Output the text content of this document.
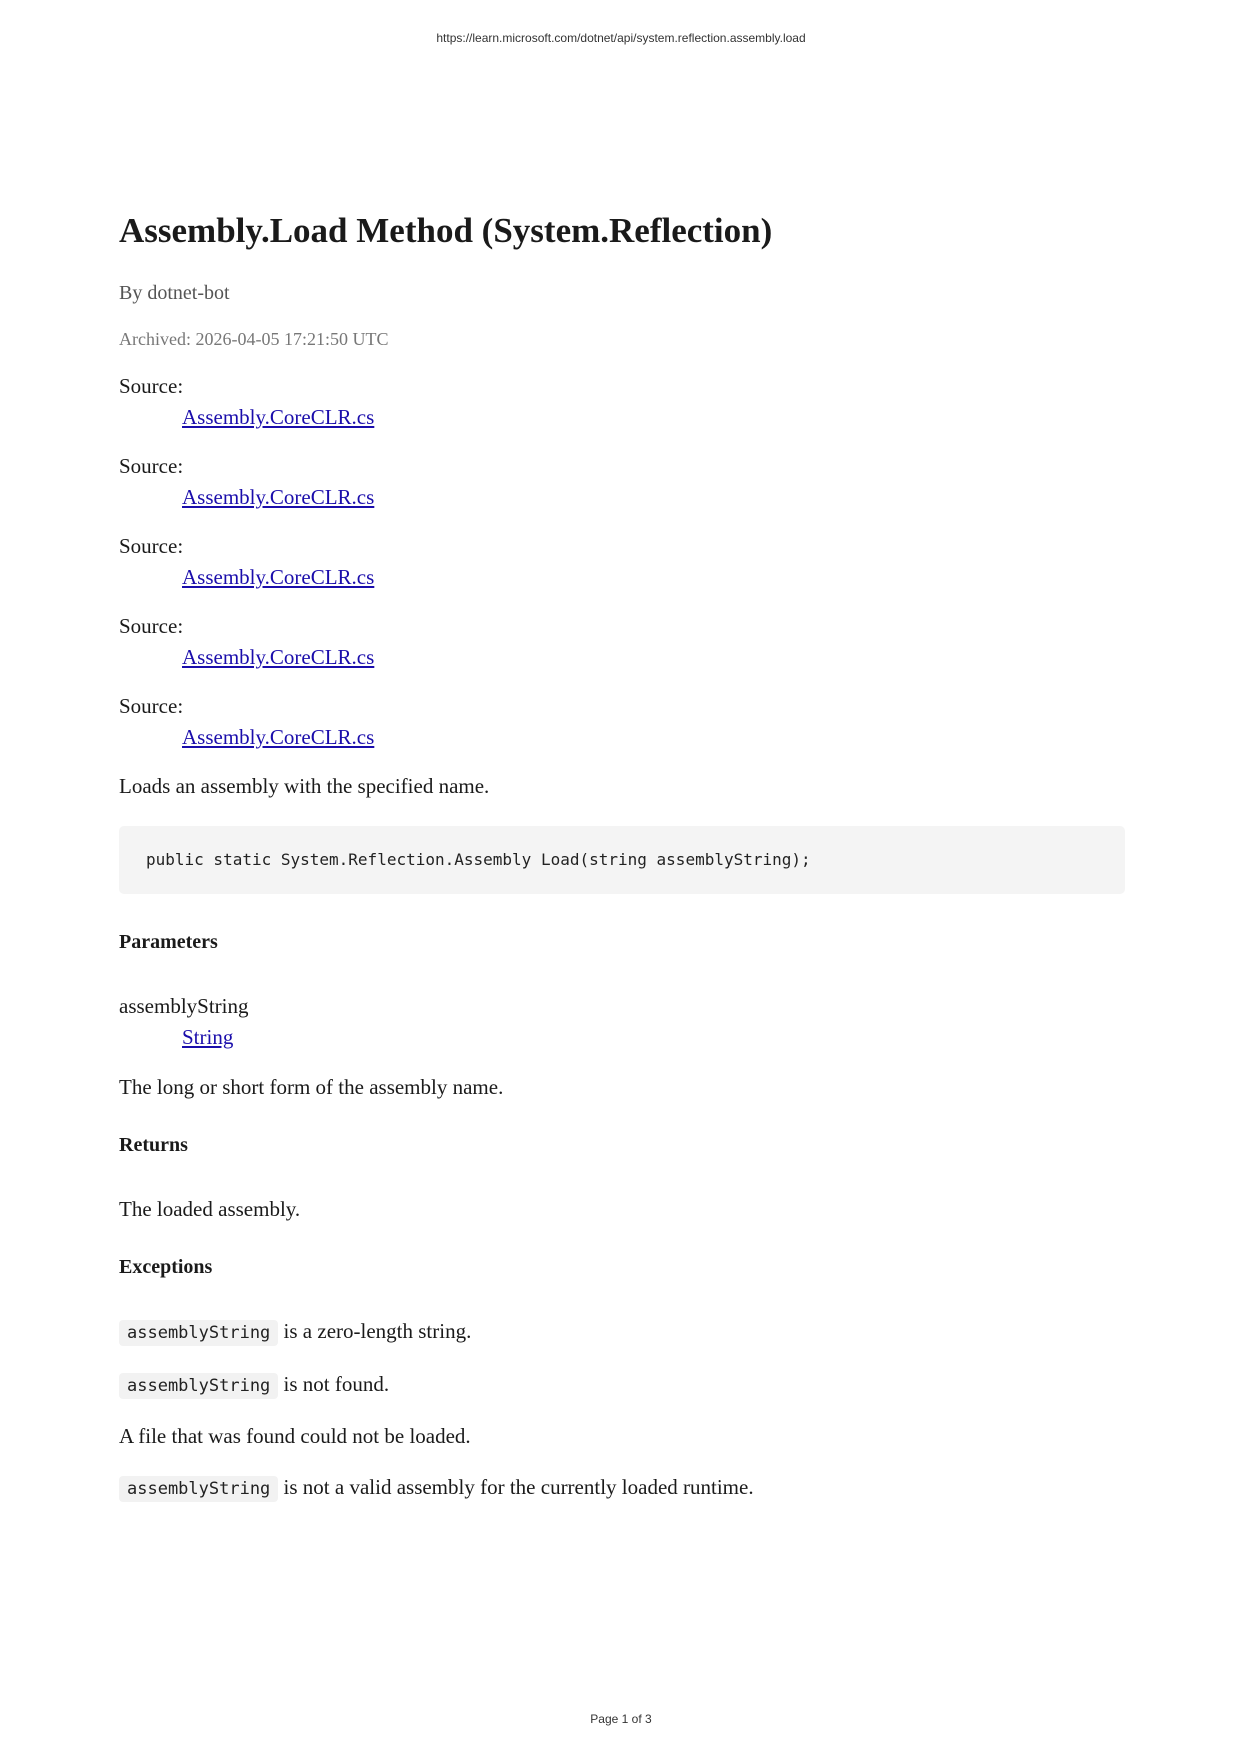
https://learn.microsoft.com/dotnet/api/system.reflection.assembly.load
Assembly.Load Method (System.Reflection)
By dotnet-bot
Archived: 2026-04-05 17:21:50 UTC
Source:
Assembly.CoreCLR.cs
Source:
Assembly.CoreCLR.cs
Source:
Assembly.CoreCLR.cs
Source:
Assembly.CoreCLR.cs
Source:
Assembly.CoreCLR.cs
Loads an assembly with the specified name.
public static System.Reflection.Assembly Load(string assemblyString);
Parameters
assemblyString
String
The long or short form of the assembly name.
Returns
The loaded assembly.
Exceptions
assemblyString is a zero-length string.
assemblyString is not found.
A file that was found could not be loaded.
assemblyString is not a valid assembly for the currently loaded runtime.
Page 1 of 3
